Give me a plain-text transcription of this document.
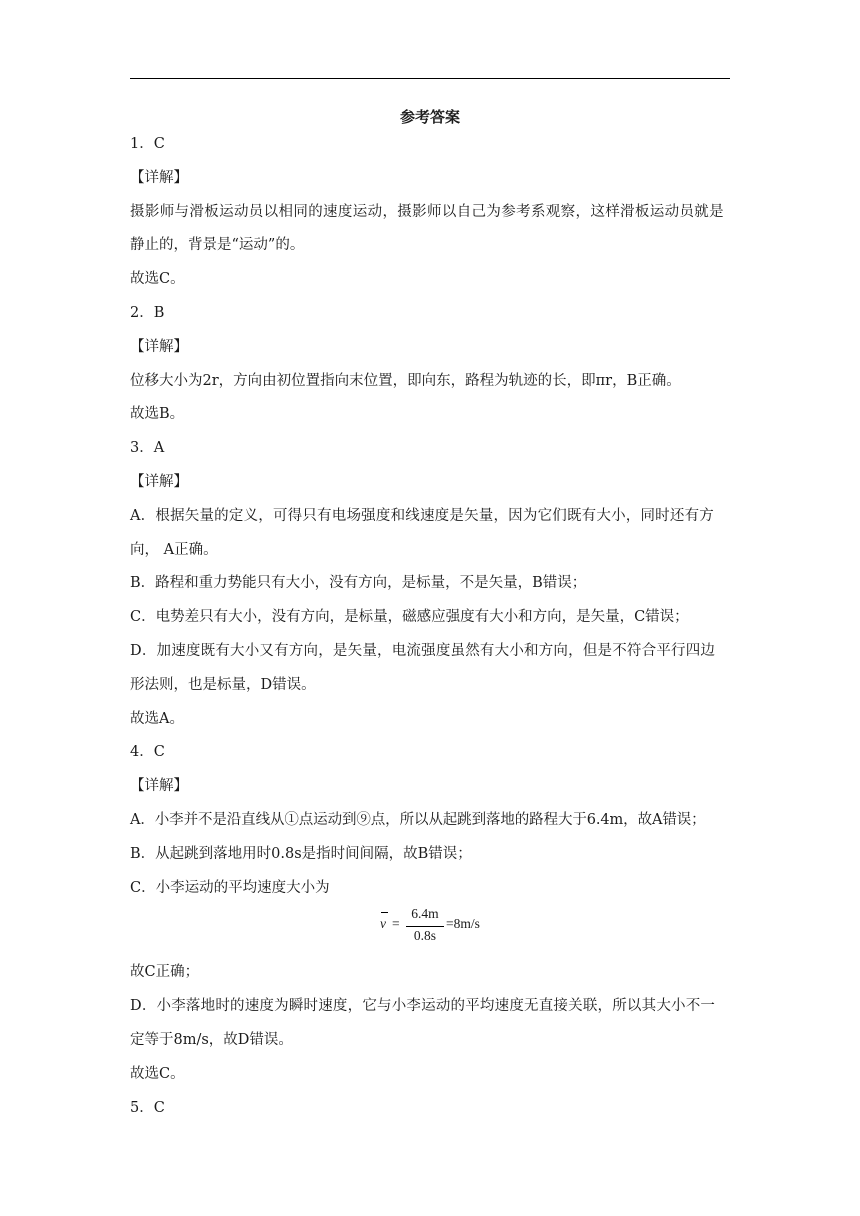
参考答案
1．C
【详解】
摄影师与滑板运动员以相同的速度运动，摄影师以自己为参考系观察，这样滑板运动员就是
静止的，背景是“运动”的。
故选C。
2．B
【详解】
位移大小为2r，方向由初位置指向末位置，即向东，路程为轨迹的长，即πr，B正确。
故选B。
3．A
【详解】
A．根据矢量的定义，可得只有电场强度和线速度是矢量，因为它们既有大小，同时还有方
向， A正确。
B．路程和重力势能只有大小，没有方向，是标量，不是矢量，B错误；
C．电势差只有大小，没有方向，是标量，磁感应强度有大小和方向，是矢量，C错误；
D．加速度既有大小又有方向，是矢量，电流强度虽然有大小和方向，但是不符合平行四边
形法则，也是标量，D错误。
故选A。
4．C
【详解】
A．小李并不是沿直线从①点运动到⑨点，所以从起跳到落地的路程大于6.4m，故A错误；
B．从起跳到落地用时0.8s是指时间间隔，故B错误；
C．小李运动的平均速度大小为
v =
6.4m
0.8s
=8m/s
故C正确；
D．小李落地时的速度为瞬时速度，它与小李运动的平均速度无直接关联，所以其大小不一
定等于8m/s，故D错误。
故选C。
5．C
